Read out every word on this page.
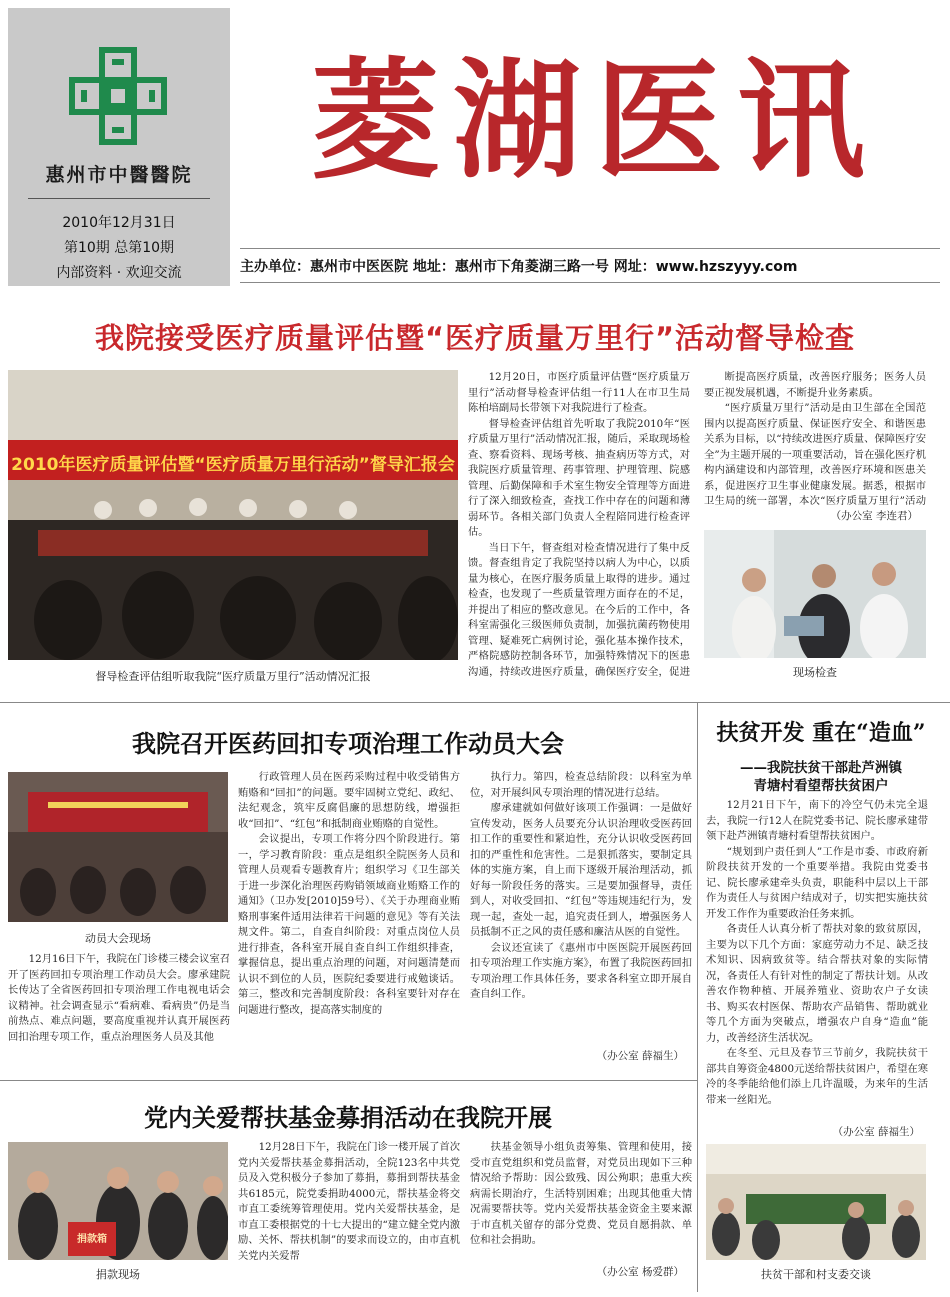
惠州市中醫醫院
2010年12月31日
第10期 总第10期
内部资料 · 欢迎交流
菱湖医讯
主办单位：惠州市中医医院 地址：惠州市下角菱湖三路一号 网址：www.hzszyyy.com
我院接受医疗质量评估暨“医疗质量万里行”活动督导检查
2010年医疗质量评估暨“医疗质量万里行活动”督导汇报会
督导检查评估组听取我院“医疗质量万里行”活动情况汇报

12月20日，市医疗质量评估暨“医疗质量万里行”活动督导检查评估组一行11人在市卫生局陈柏培副局长带领下对我院进行了检查。

督导检查评估组首先听取了我院2010年“医疗质量万里行”活动情况汇报，随后，采取现场检查、察看资料、现场考核、抽查病历等方式，对我院医疗质量管理、药事管理、护理管理、院感管理、后勤保障和手术室生物安全管理等方面进行了深入细致检查，查找工作中存在的问题和薄弱环节。各相关部门负责人全程陪同进行检查评估。

当日下午，督查组对检查情况进行了集中反馈。督查组肯定了我院坚持以病人为中心，以质量为核心，在医疗服务质量上取得的进步。通过检查，也发现了一些质量管理方面存在的不足，并提出了相应的整改意见。在今后的工作中，各科室需强化三级医师负责制，加强抗菌药物使用管理、疑难死亡病例讨论，强化基本操作技术，严格院感防控制各环节，加强特殊情况下的医患沟通，持续改进医疗质量，确保医疗安全，促进

断提高医疗质量，改善医疗服务；医务人员要正视发展机遇，不断提升业务素质。

“医疗质量万里行”活动是由卫生部在全国范围内以提高医疗质量、保证医疗安全、和谐医患关系为目标，以“持续改进医疗质量、保障医疗安全”为主题开展的一项重要活动，旨在强化医疗机构内涵建设和内部管理，改善医疗环境和医患关系，促进医疗卫生事业健康发展。据悉，根据市卫生局的统一部署，本次“医疗质量万里行”活动

（办公室 李连君）
现场检查
我院召开医药回扣专项治理工作动员大会
动员大会现场

12月16日下午，我院在门诊楼三楼会议室召开了医药回扣专项治理工作动员大会。廖承建院长传达了全省医药回扣专项治理工作电视电话会议精神。社会调查显示“看病难、看病贵”仍是当前热点、难点问题，要高度重视并认真开展医药回扣治理专项工作，重点治理医务人员及其他

行政管理人员在医药采购过程中收受销售方贿赂和“回扣”的问题。要牢固树立党纪、政纪、法纪观念，筑牢反腐倡廉的思想防线，增强拒收“回扣”、“红包”和抵制商业贿赂的自觉性。

会议提出，专项工作将分四个阶段进行。第一，学习教育阶段：重点是组织全院医务人员和管理人员观看专题教育片；组织学习《卫生部关于进一步深化治理医药购销领域商业贿赂工作的通知》（卫办发[2010]59号）、《关于办理商业贿赂刑事案件适用法律若干问题的意见》等有关法规文件。第二，自查自纠阶段：对重点岗位人员进行排查，各科室开展自查自纠工作组织排查，掌握信息，提出重点治理的问题，对问题清楚而认识不到位的人员，医院纪委要进行戒勉谈话。第三，整改和完善制度阶段：各科室要针对存在问题进行整改，提高落实制度的

执行力。第四，检查总结阶段：以科室为单位，对开展纠风专项治理的情况进行总结。

廖承建就如何做好该项工作强调：一是做好宣传发动，医务人员要充分认识治理收受医药回扣工作的重要性和紧迫性，充分认识收受医药回扣的严重性和危害性。二是狠抓落实，要制定具体的实施方案，自上而下逐级开展治理活动，抓好每一阶段任务的落实。三是要加强督导，责任到人，对收受回扣、“红包”等违规违纪行为，发现一起，查处一起，追究责任到人，增强医务人员抵制不正之风的责任感和廉洁从医的自觉性。

会议还宣读了《惠州市中医医院开展医药回扣专项治理工作实施方案》，布置了我院医药回扣专项治理工作具体任务，要求各科室立即开展自查自纠工作。

（办公室 薛福生）
扶贫开发 重在“造血”
——我院扶贫干部赴芦洲镇
青塘村看望帮扶贫困户

12月21日下午，南下的冷空气仍未完全退去，我院一行12人在院党委书记、院长廖承建带领下赴芦洲镇青塘村看望帮扶贫困户。

“规划到户责任到人”工作是市委、市政府新阶段扶贫开发的一个重要举措。我院由党委书记、院长廖承建牵头负责，职能科中层以上干部作为责任人与贫困户结成对子，切实把实施扶贫开发工作作为重要政治任务来抓。

各责任人认真分析了帮扶对象的致贫原因，主要为以下几个方面：家庭劳动力不足、缺乏技术知识、因病致贫等。结合帮扶对象的实际情况，各责任人有针对性的制定了帮扶计划。从改善农作物种植、开展养殖业、资助农户子女读书、购买农村医保、帮助农产品销售、帮助就业等几个方面为突破点，增强农户自身“造血”能力，改善经济生活状况。

在冬至、元旦及春节三节前夕，我院扶贫干部共自筹资金4800元送给帮扶贫困户，希望在寒冷的冬季能给他们添上几许温暖，为来年的生活带来一丝阳光。

（办公室 薛福生）
扶贫干部和村支委交谈
党内关爱帮扶基金募捐活动在我院开展
捐款箱
捐款现场

12月28日下午，我院在门诊一楼开展了首次党内关爱帮扶基金募捐活动，全院123名中共党员及入党积极分子参加了募捐，募捐到帮扶基金共6185元，院党委捐助4000元，帮扶基金将交市直工委统筹管理使用。党内关爱帮扶基金，是市直工委根据党的十七大提出的“建立健全党内激励、关怀、帮扶机制”的要求而设立的，由市直机关党内关爱帮

扶基金领导小组负责筹集、管理和使用，接受市直党组织和党员监督，对党员出现如下三种情况给予帮助：因公致残、因公殉职；患重大疾病需长期治疗，生活特别困难；出现其他重大情况需要帮扶等。党内关爱帮扶基金资金主要来源于市直机关留存的部分党费、党员自愿捐款、单位和社会捐助。

（办公室 杨爱群）
